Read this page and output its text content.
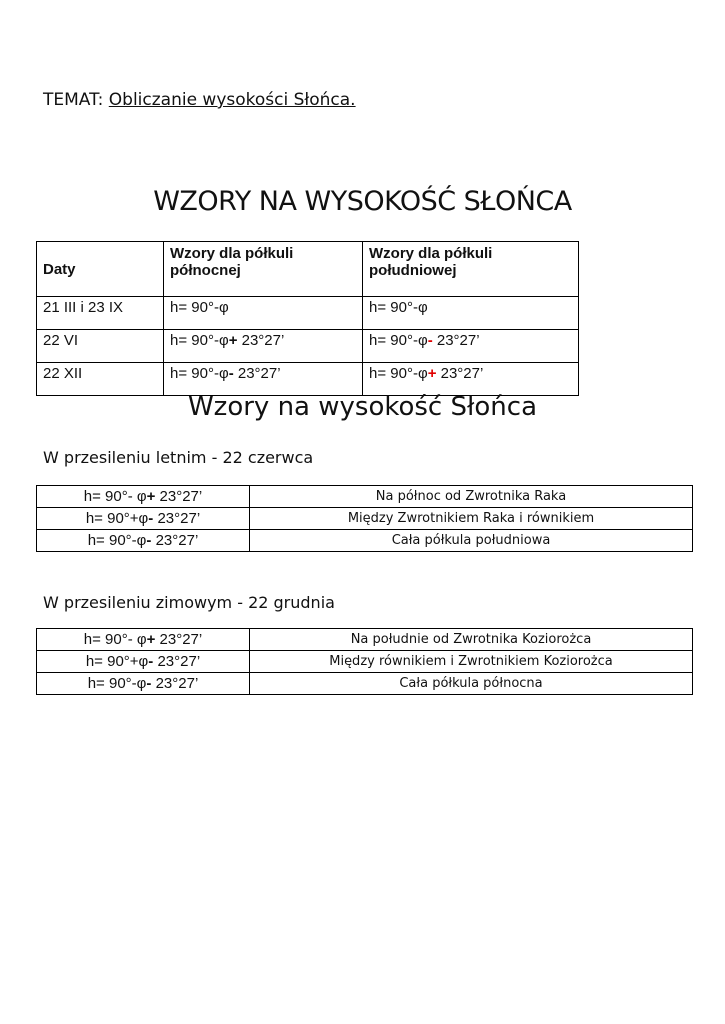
TEMAT: Obliczanie wysokości Słońca.
WZORY NA WYSOKOŚĆ SŁOŃCA
Daty	Wzory dla półkuli północnej	Wzory dla półkuli południowej
21 III i 23 IX	h= 90°-φ	h= 90°-φ
22 VI	h= 90°-φ+ 23°27’	h= 90°-φ- 23°27’
22 XII	h= 90°-φ- 23°27’	h= 90°-φ+ 23°27’
Wzory na wysokość Słońca
W przesileniu letnim - 22 czerwca
h= 90°- φ+ 23°27’	Na północ od Zwrotnika Raka
h= 90°+φ- 23°27’	Między Zwrotnikiem Raka i równikiem
h= 90°-φ- 23°27’	Cała półkula południowa
W przesileniu zimowym - 22 grudnia
h= 90°- φ+ 23°27’	Na południe od Zwrotnika Koziorożca
h= 90°+φ- 23°27’	Między równikiem i Zwrotnikiem Koziorożca
h= 90°-φ- 23°27’	Cała półkula północna
